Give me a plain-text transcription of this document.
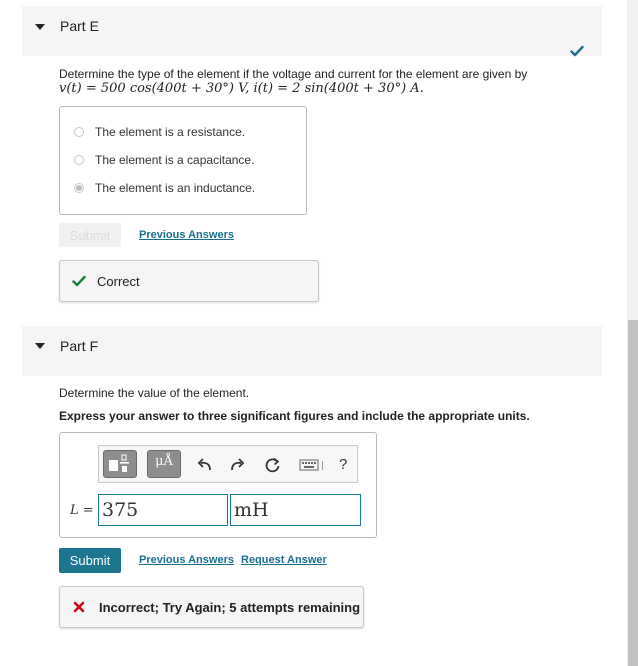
Part E
Determine the type of the element if the voltage and current for the element are given by
v(t) = 500 cos(400t + 30°) V, i(t) = 2 sin(400t + 30°) A.
The element is a resistance.
The element is a capacitance.
The element is an inductance.
Submit	Previous Answers
Correct
Part F
Determine the value of the element.
Express your answer to three significant figures and include the appropriate units.
μÅ	?
L = 375	mH
Submit	Previous Answers Request Answer
Incorrect; Try Again; 5 attempts remaining
